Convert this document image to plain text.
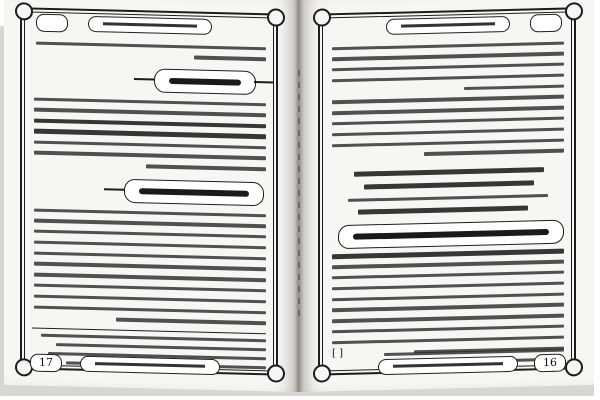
17
[ ]
16
